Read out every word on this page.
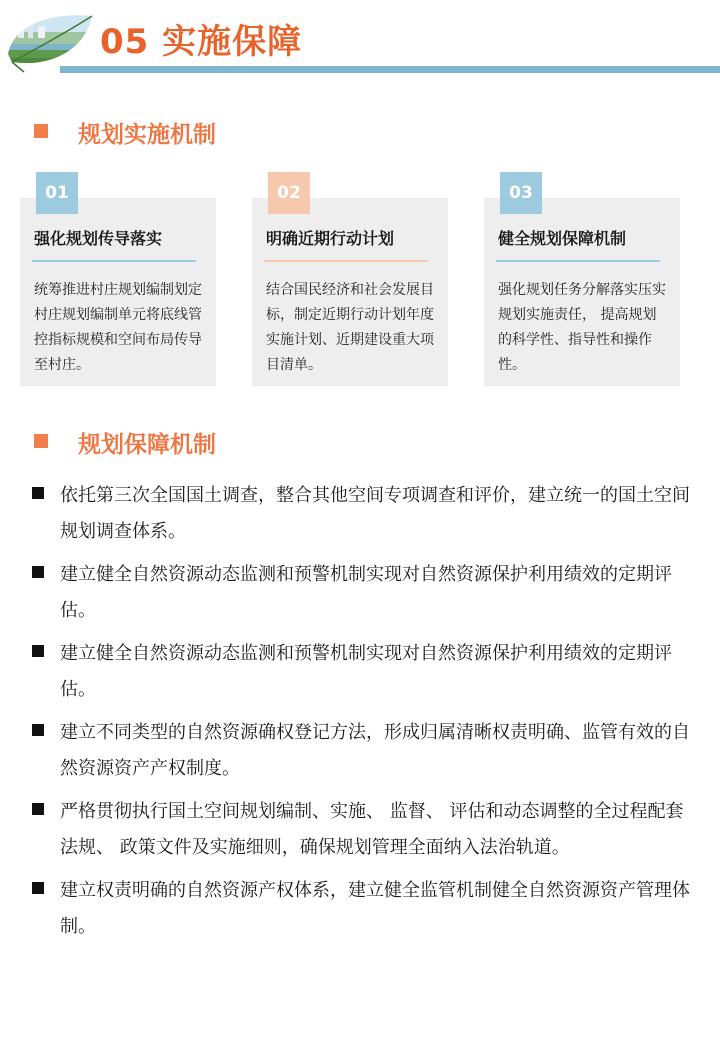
05 实施保障
规划实施机制
01
强化规划传导落实
统筹推进村庄规划编制划定村庄规划编制单元将底线管控指标规模和空间布局传导至村庄。
02
明确近期行动计划
结合国民经济和社会发展目标，制定近期行动计划年度实施计划、近期建设重大项目清单。
03
健全规划保障机制
强化规划任务分解落实压实规划实施责任， 提高规划的科学性、指导性和操作性。
规划保障机制
依托第三次全国国土调查，整合其他空间专项调查和评价，建立统一的国土空间规划调查体系。
建立健全自然资源动态监测和预警机制实现对自然资源保护利用绩效的定期评估。
建立健全自然资源动态监测和预警机制实现对自然资源保护利用绩效的定期评估。
建立不同类型的自然资源确权登记方法，形成归属清晰权责明确、监管有效的自然资源资产产权制度。
严格贯彻执行国土空间规划编制、实施、 监督、 评估和动态调整的全过程配套法规、 政策文件及实施细则，确保规划管理全面纳入法治轨道。
建立权责明确的自然资源产权体系，建立健全监管机制健全自然资源资产管理体制。
